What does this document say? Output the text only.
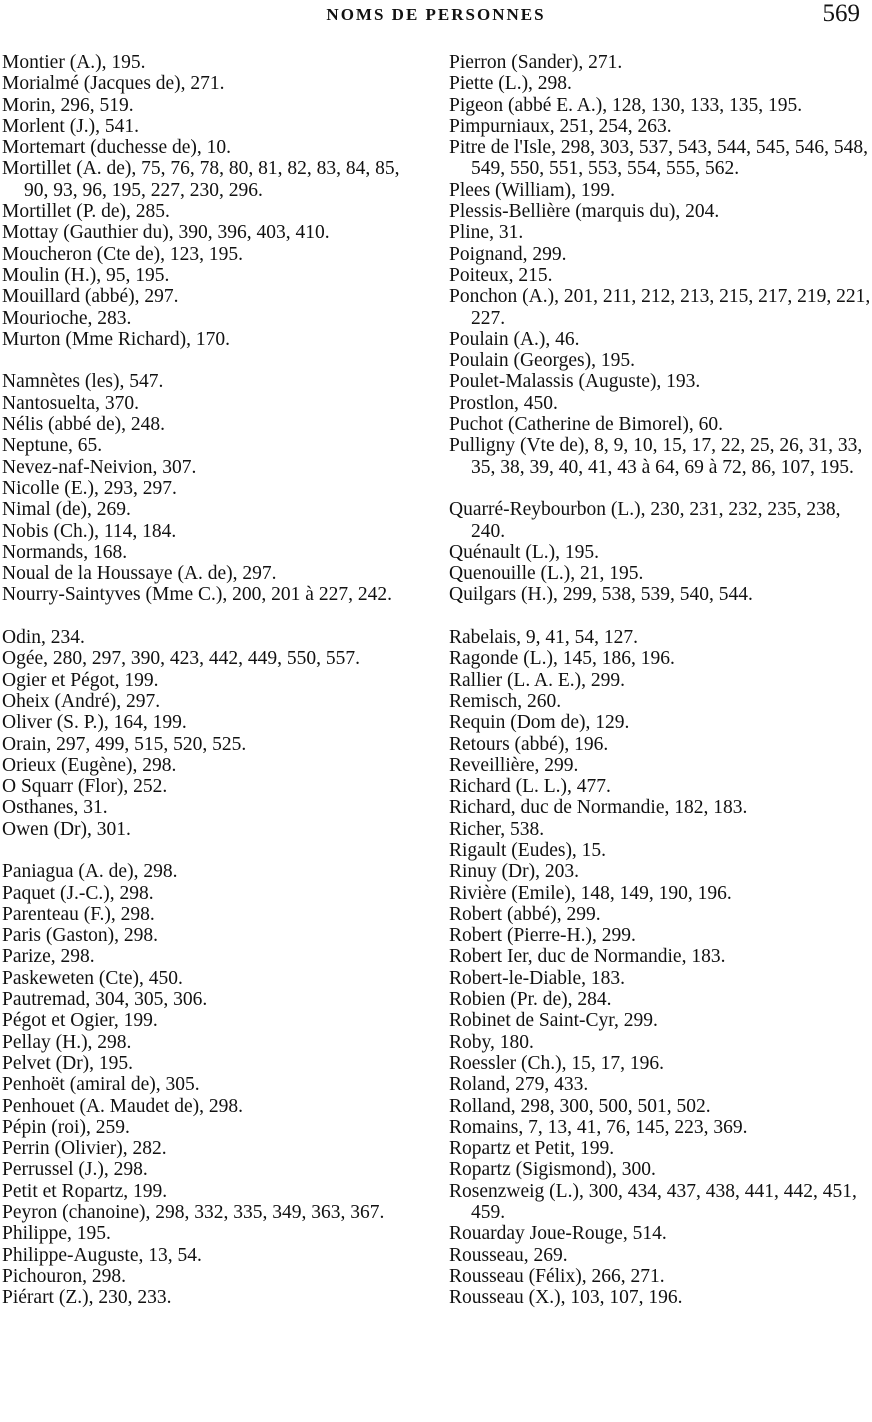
NOMS DE PERSONNES	569
Montier (A.), 195.
Morialmé (Jacques de), 271.
Morin, 296, 519.
Morlent (J.), 541.
Mortemart (duchesse de), 10.
Mortillet (A. de), 75, 76, 78, 80, 81, 82, 83, 84, 85, 90, 93, 96, 195, 227, 230, 296.
Mortillet (P. de), 285.
Mottay (Gauthier du), 390, 396, 403, 410.
Moucheron (Cte de), 123, 195.
Moulin (H.), 95, 195.
Mouillard (abbé), 297.
Mourioche, 283.
Murton (Mme Richard), 170.
Namnètes (les), 547.
Nantosuelta, 370.
Nélis (abbé de), 248.
Neptune, 65.
Nevez-naf-Neivion, 307.
Nicolle (E.), 293, 297.
Nimal (de), 269.
Nobis (Ch.), 114, 184.
Normands, 168.
Noual de la Houssaye (A. de), 297.
Nourry-Saintyves (Mme C.), 200, 201 à 227, 242.
Odin, 234.
Ogée, 280, 297, 390, 423, 442, 449, 550, 557.
Ogier et Pégot, 199.
Oheix (André), 297.
Oliver (S. P.), 164, 199.
Orain, 297, 499, 515, 520, 525.
Orieux (Eugène), 298.
O Squarr (Flor), 252.
Osthanes, 31.
Owen (Dr), 301.
Paniagua (A. de), 298.
Paquet (J.-C.), 298.
Parenteau (F.), 298.
Paris (Gaston), 298.
Parize, 298.
Paskeweten (Cte), 450.
Pautremad, 304, 305, 306.
Pégot et Ogier, 199.
Pellay (H.), 298.
Pelvet (Dr), 195.
Penhoët (amiral de), 305.
Penhouet (A. Maudet de), 298.
Pépin (roi), 259.
Perrin (Olivier), 282.
Perrussel (J.), 298.
Petit et Ropartz, 199.
Peyron (chanoine), 298, 332, 335, 349, 363, 367.
Philippe, 195.
Philippe-Auguste, 13, 54.
Pichouron, 298.
Piérart (Z.), 230, 233.
Pierron (Sander), 271.
Piette (L.), 298.
Pigeon (abbé E. A.), 128, 130, 133, 135, 195.
Pimpurniaux, 251, 254, 263.
Pitre de l'Isle, 298, 303, 537, 543, 544, 545, 546, 548, 549, 550, 551, 553, 554, 555, 562.
Plees (William), 199.
Plessis-Bellière (marquis du), 204.
Pline, 31.
Poignand, 299.
Poiteux, 215.
Ponchon (A.), 201, 211, 212, 213, 215, 217, 219, 221, 227.
Poulain (A.), 46.
Poulain (Georges), 195.
Poulet-Malassis (Auguste), 193.
Prostlon, 450.
Puchot (Catherine de Bimorel), 60.
Pulligny (Vte de), 8, 9, 10, 15, 17, 22, 25, 26, 31, 33, 35, 38, 39, 40, 41, 43 à 64, 69 à 72, 86, 107, 195.
Quarré-Reybourbon (L.), 230, 231, 232, 235, 238, 240.
Quénault (L.), 195.
Quenouille (L.), 21, 195.
Quilgars (H.), 299, 538, 539, 540, 544.
Rabelais, 9, 41, 54, 127.
Ragonde (L.), 145, 186, 196.
Rallier (L. A. E.), 299.
Remisch, 260.
Requin (Dom de), 129.
Retours (abbé), 196.
Reveillière, 299.
Richard (L. L.), 477.
Richard, duc de Normandie, 182, 183.
Richer, 538.
Rigault (Eudes), 15.
Rinuy (Dr), 203.
Rivière (Emile), 148, 149, 190, 196.
Robert (abbé), 299.
Robert (Pierre-H.), 299.
Robert Ier, duc de Normandie, 183.
Robert-le-Diable, 183.
Robien (Pr. de), 284.
Robinet de Saint-Cyr, 299.
Roby, 180.
Roessler (Ch.), 15, 17, 196.
Roland, 279, 433.
Rolland, 298, 300, 500, 501, 502.
Romains, 7, 13, 41, 76, 145, 223, 369.
Ropartz et Petit, 199.
Ropartz (Sigismond), 300.
Rosenzweig (L.), 300, 434, 437, 438, 441, 442, 451, 459.
Rouarday Joue-Rouge, 514.
Rousseau, 269.
Rousseau (Félix), 266, 271.
Rousseau (X.), 103, 107, 196.
